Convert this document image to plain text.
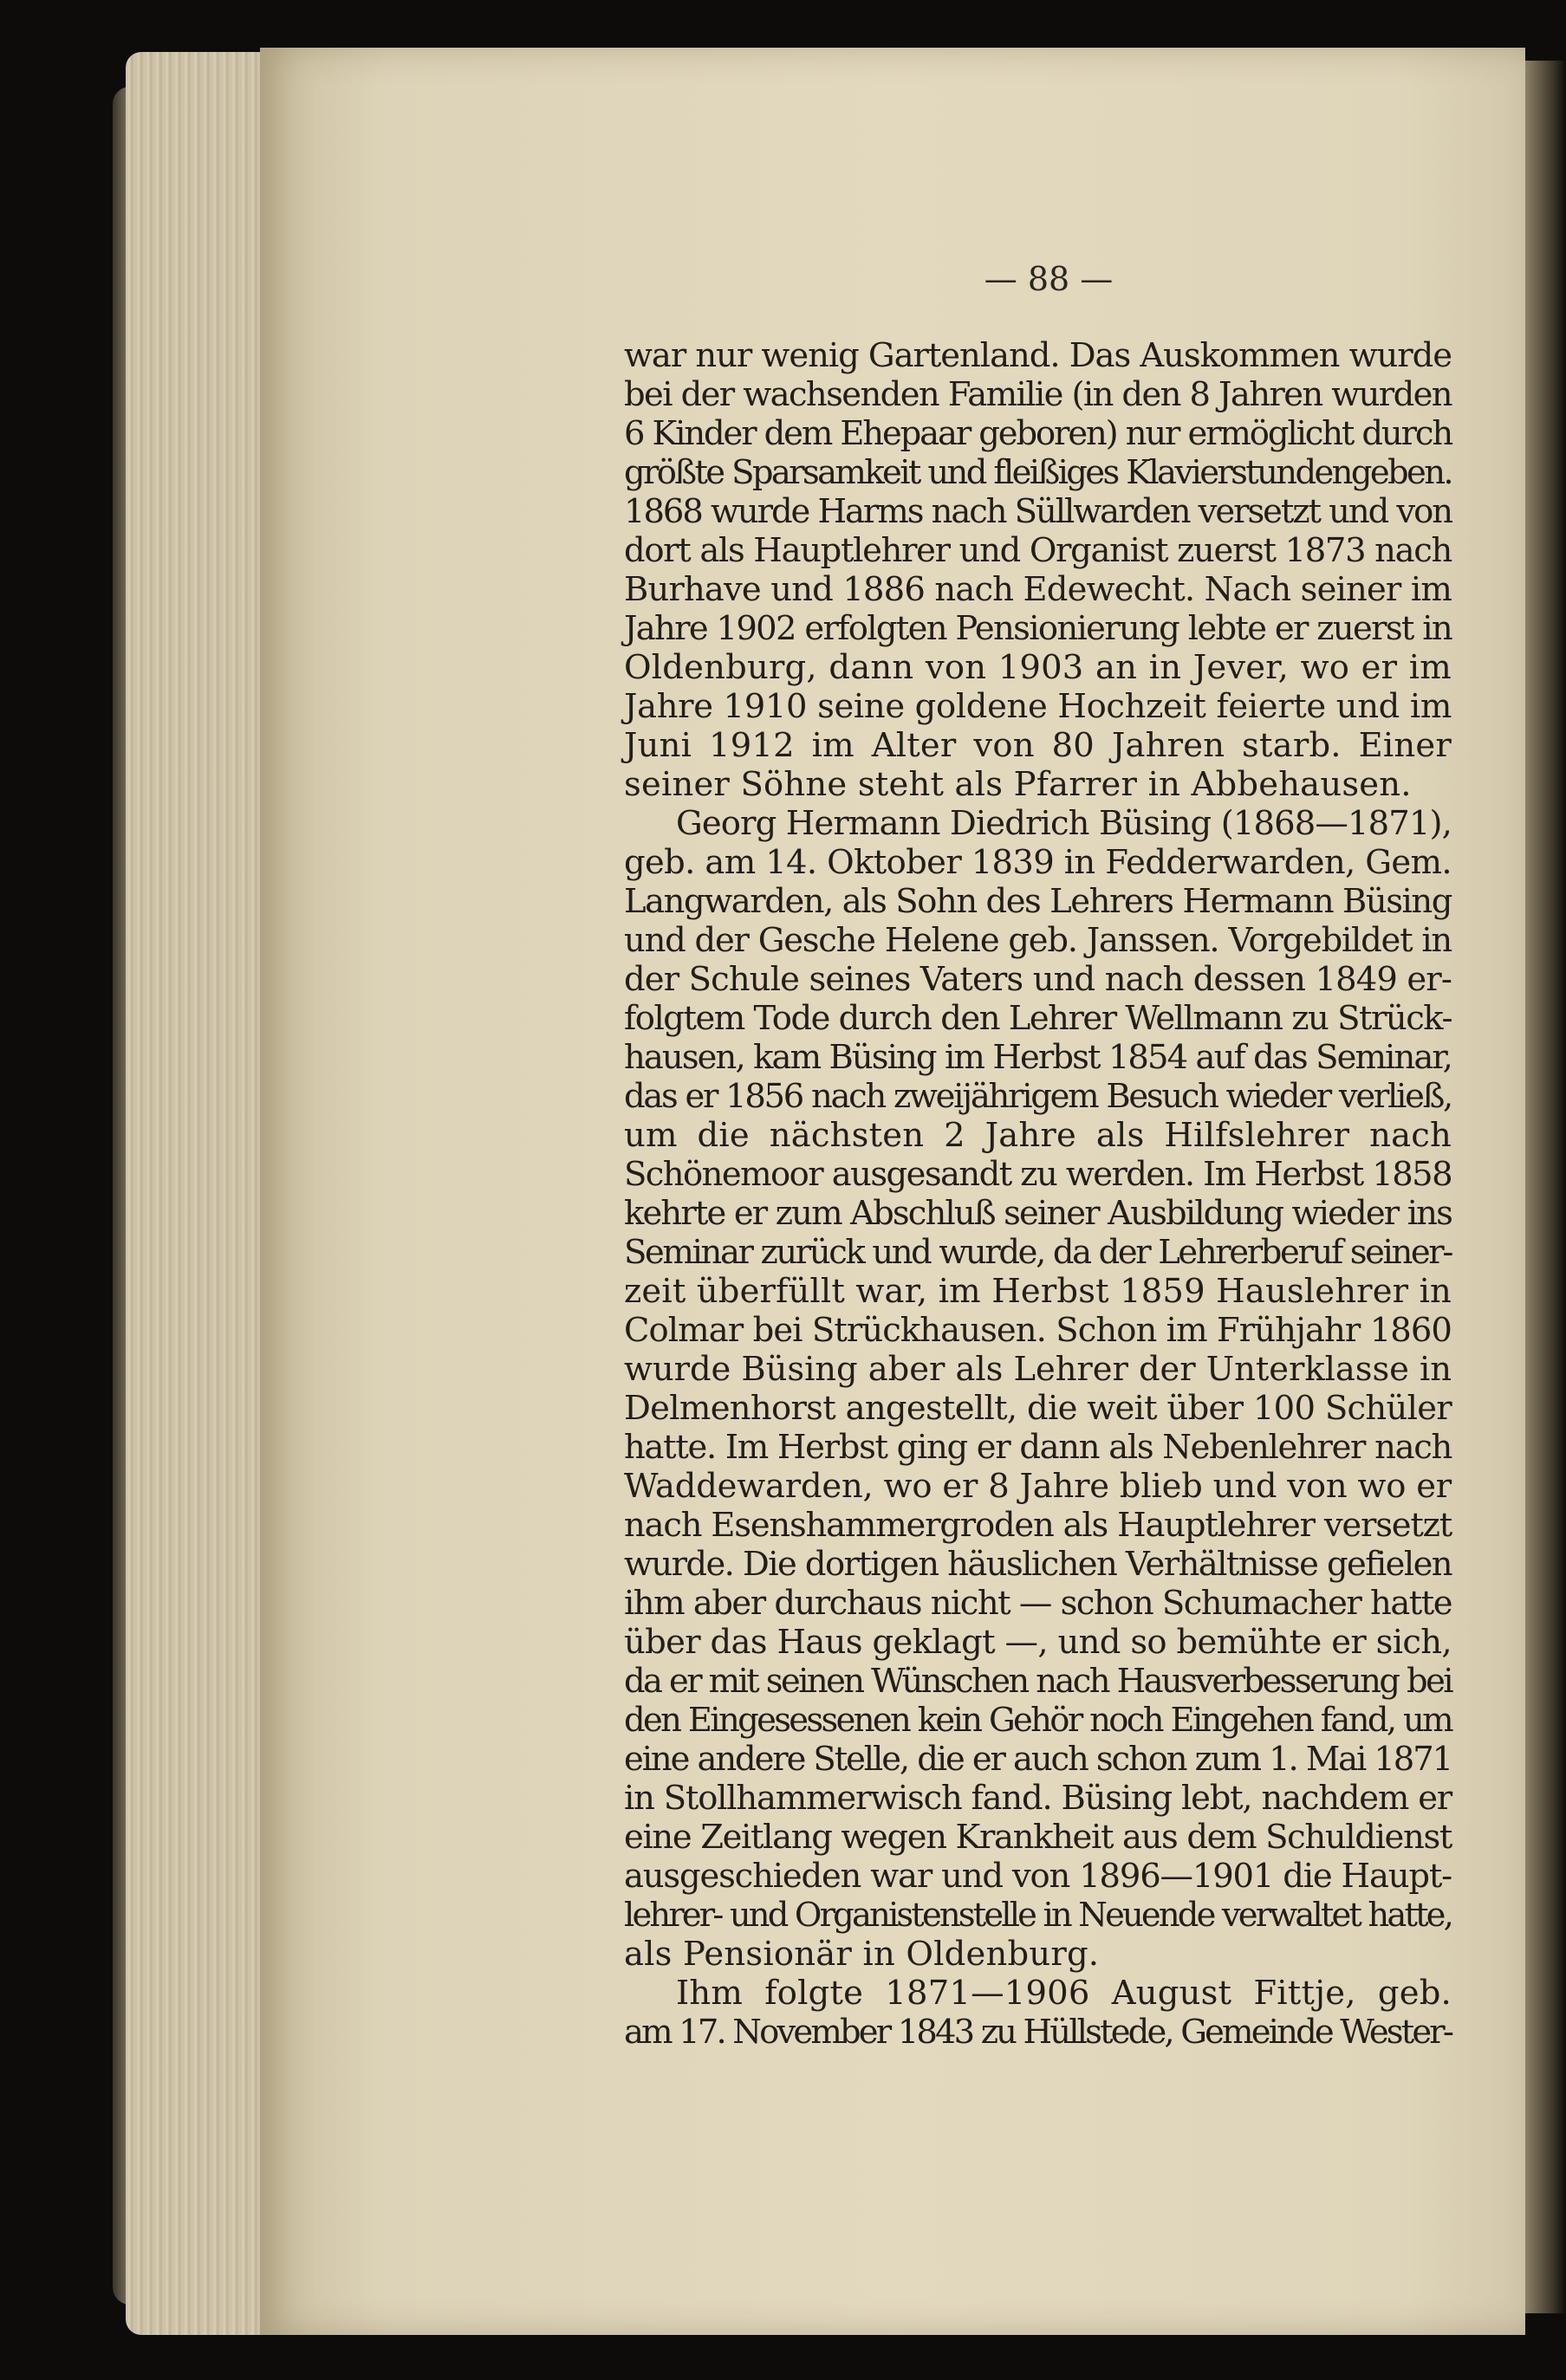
— 88 —
war nur wenig Gartenland. Das Auskommen wurde
bei der wachsenden Familie (in den 8 Jahren wurden
6 Kinder dem Ehepaar geboren) nur ermöglicht durch
größte Sparsamkeit und fleißiges Klavierstundengeben.
1868 wurde Harms nach Süllwarden versetzt und von
dort als Hauptlehrer und Organist zuerst 1873 nach
Burhave und 1886 nach Edewecht. Nach seiner im
Jahre 1902 erfolgten Pensionierung lebte er zuerst in
Oldenburg, dann von 1903 an in Jever, wo er im
Jahre 1910 seine goldene Hochzeit feierte und im
Juni 1912 im Alter von 80 Jahren starb. Einer
seiner Söhne steht als Pfarrer in Abbehausen.
Georg Hermann Diedrich Büsing (1868—1871),
geb. am 14. Oktober 1839 in Fedderwarden, Gem.
Langwarden, als Sohn des Lehrers Hermann Büsing
und der Gesche Helene geb. Janssen. Vorgebildet in
der Schule seines Vaters und nach dessen 1849 er-
folgtem Tode durch den Lehrer Wellmann zu Strück-
hausen, kam Büsing im Herbst 1854 auf das Seminar,
das er 1856 nach zweijährigem Besuch wieder verließ,
um die nächsten 2 Jahre als Hilfslehrer nach
Schönemoor ausgesandt zu werden. Im Herbst 1858
kehrte er zum Abschluß seiner Ausbildung wieder ins
Seminar zurück und wurde, da der Lehrerberuf seiner-
zeit überfüllt war, im Herbst 1859 Hauslehrer in
Colmar bei Strückhausen. Schon im Frühjahr 1860
wurde Büsing aber als Lehrer der Unterklasse in
Delmenhorst angestellt, die weit über 100 Schüler
hatte. Im Herbst ging er dann als Nebenlehrer nach
Waddewarden, wo er 8 Jahre blieb und von wo er
nach Esenshammergroden als Hauptlehrer versetzt
wurde. Die dortigen häuslichen Verhältnisse gefielen
ihm aber durchaus nicht — schon Schumacher hatte
über das Haus geklagt —, und so bemühte er sich,
da er mit seinen Wünschen nach Hausverbesserung bei
den Eingesessenen kein Gehör noch Eingehen fand, um
eine andere Stelle, die er auch schon zum 1. Mai 1871
in Stollhammerwisch fand. Büsing lebt, nachdem er
eine Zeitlang wegen Krankheit aus dem Schuldienst
ausgeschieden war und von 1896—1901 die Haupt-
lehrer- und Organistenstelle in Neuende verwaltet hatte,
als Pensionär in Oldenburg.
Ihm folgte 1871—1906 August Fittje, geb.
am 17. November 1843 zu Hüllstede, Gemeinde Wester-
